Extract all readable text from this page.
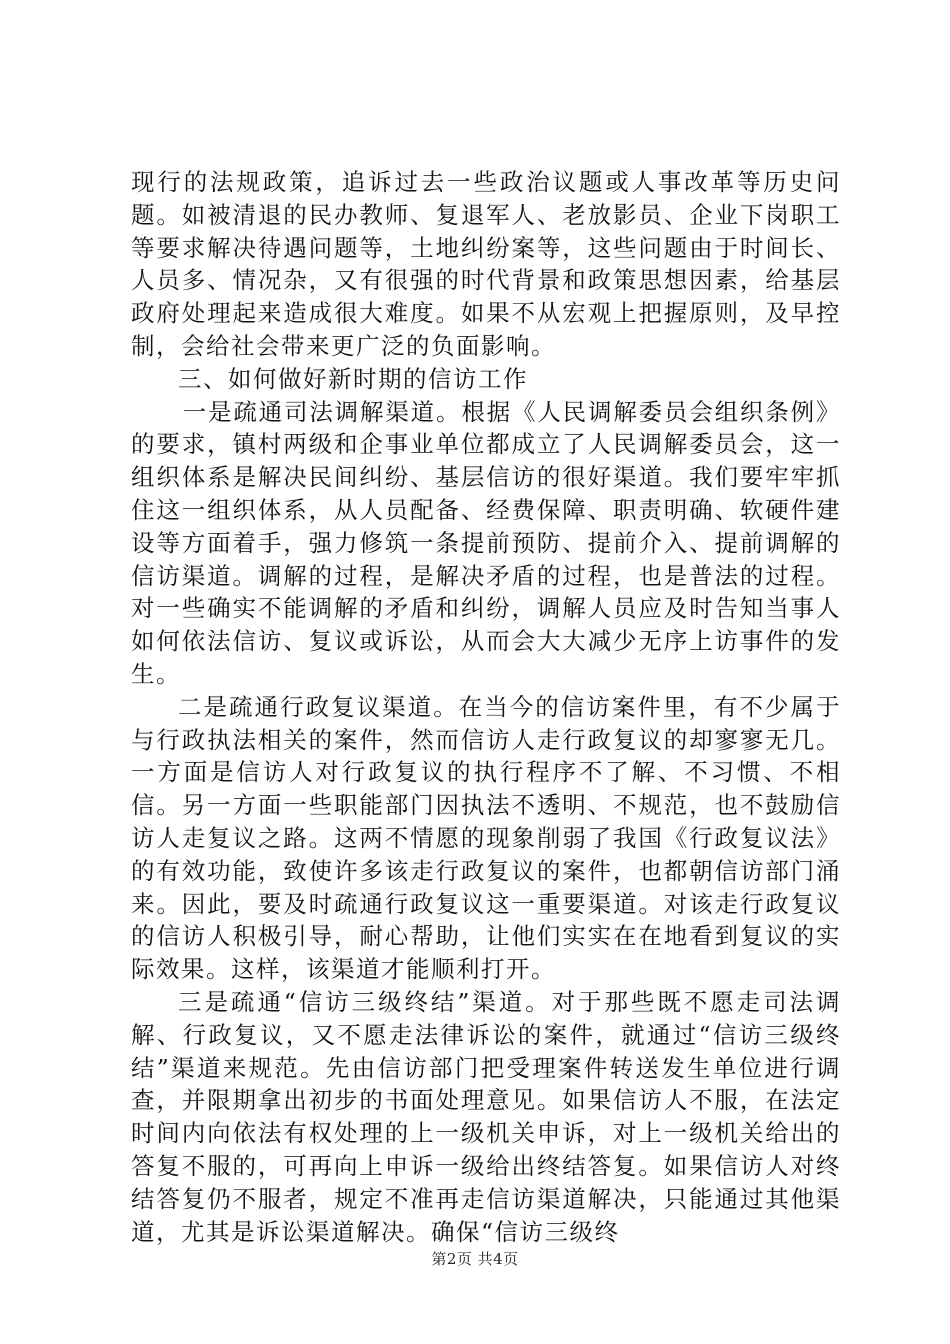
现行的法规政策，追诉过去一些政治议题或人事改革等历史问题。如被清退的民办教师、复退军人、老放影员、企业下岗职工等要求解决待遇问题等，土地纠纷案等，这些问题由于时间长、人员多、情况杂，又有很强的时代背景和政策思想因素，给基层政府处理起来造成很大难度。如果不从宏观上把握原则，及早控制，会给社会带来更广泛的负面影响。

三、如何做好新时期的信访工作

一是疏通司法调解渠道。根据《人民调解委员会组织条例》的要求，镇村两级和企事业单位都成立了人民调解委员会，这一组织体系是解决民间纠纷、基层信访的很好渠道。我们要牢牢抓住这一组织体系，从人员配备、经费保障、职责明确、软硬件建设等方面着手，强力修筑一条提前预防、提前介入、提前调解的信访渠道。调解的过程，是解决矛盾的过程，也是普法的过程。对一些确实不能调解的矛盾和纠纷，调解人员应及时告知当事人如何依法信访、复议或诉讼，从而会大大减少无序上访事件的发生。

二是疏通行政复议渠道。在当今的信访案件里，有不少属于与行政执法相关的案件，然而信访人走行政复议的却寥寥无几。一方面是信访人对行政复议的执行程序不了解、不习惯、不相信。另一方面一些职能部门因执法不透明、不规范，也不鼓励信访人走复议之路。这两不情愿的现象削弱了我国《行政复议法》的有效功能，致使许多该走行政复议的案件，也都朝信访部门涌来。因此，要及时疏通行政复议这一重要渠道。对该走行政复议的信访人积极引导，耐心帮助，让他们实实在在地看到复议的实际效果。这样，该渠道才能顺利打开。

三是疏通“信访三级终结”渠道。对于那些既不愿走司法调解、行政复议，又不愿走法律诉讼的案件，就通过“信访三级终结”渠道来规范。先由信访部门把受理案件转送发生单位进行调查，并限期拿出初步的书面处理意见。如果信访人不服，在法定时间内向依法有权处理的上一级机关申诉，对上一级机关给出的答复不服的，可再向上申诉一级给出终结答复。如果信访人对终结答复仍不服者，规定不准再走信访渠道解决，只能通过其他渠道，尤其是诉讼渠道解决。确保“信访三级终

第2页 共4页
